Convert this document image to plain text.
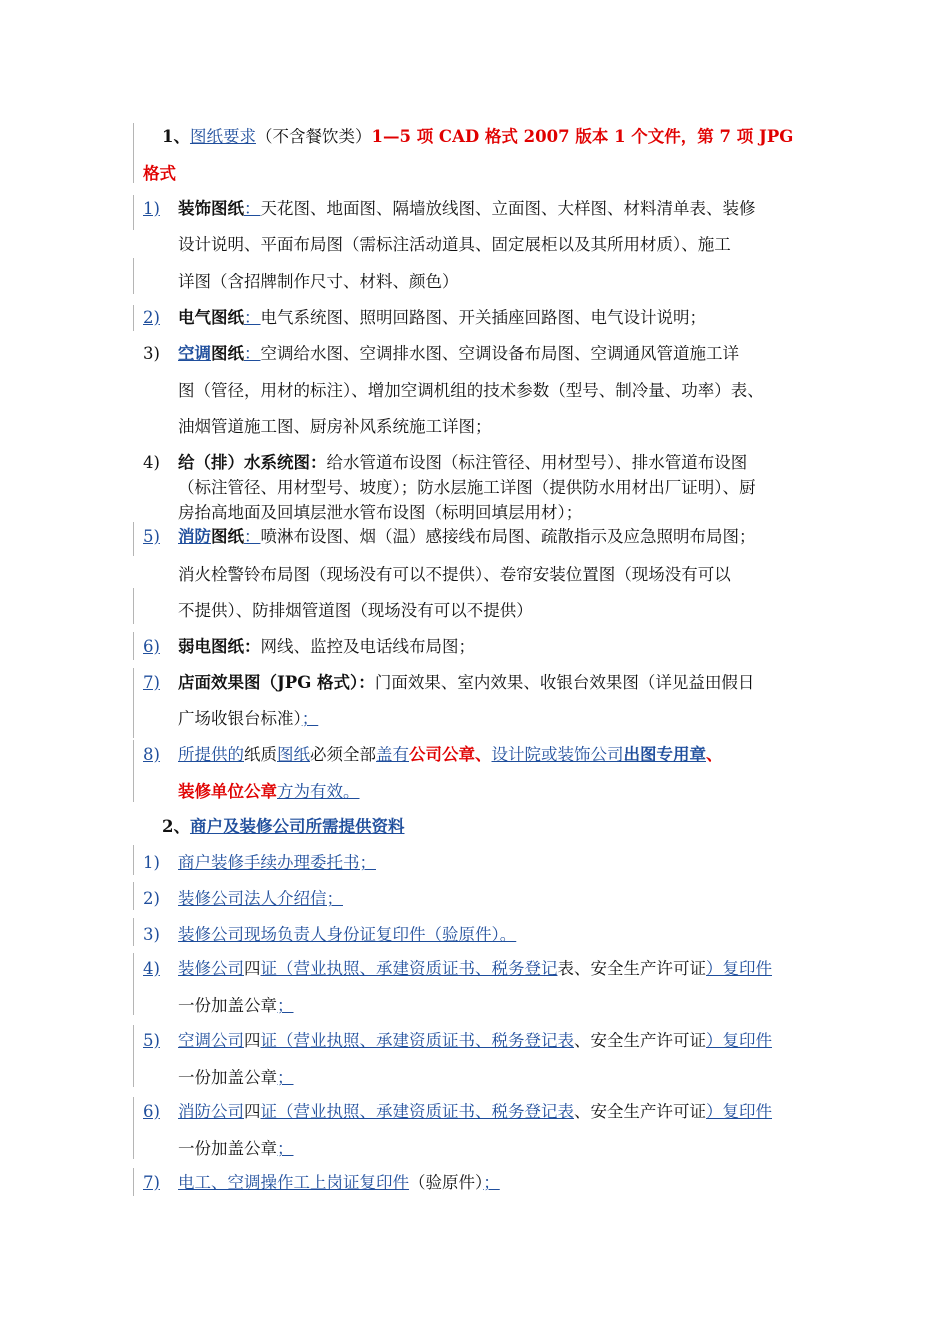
1、图纸要求（不含餐饮类）1—5 项 CAD 格式 2007 版本 1 个文件，第 7 项 JPG
格式
1) 装饰图纸：天花图、地面图、隔墙放线图、立面图、大样图、材料清单表、装修
设计说明、平面布局图（需标注活动道具、固定展柜以及其所用材质）、施工
详图（含招牌制作尺寸、材料、颜色）
2) 电气图纸：电气系统图、照明回路图、开关插座回路图、电气设计说明；
3) 空调图纸：空调给水图、空调排水图、空调设备布局图、空调通风管道施工详
图（管径，用材的标注）、增加空调机组的技术参数（型号、制冷量、功率）表、
油烟管道施工图、厨房补风系统施工详图；
4) 给（排）水系统图：给水管道布设图（标注管径、用材型号）、排水管道布设图
（标注管径、用材型号、坡度）；防水层施工详图（提供防水用材出厂证明）、厨
房抬高地面及回填层泄水管布设图（标明回填层用材）；
5) 消防图纸：喷淋布设图、烟（温）感接线布局图、疏散指示及应急照明布局图；
消火栓警铃布局图（现场没有可以不提供）、卷帘安装位置图（现场没有可以
不提供）、防排烟管道图（现场没有可以不提供）
6) 弱电图纸：网线、监控及电话线布局图；
7) 店面效果图（JPG 格式）：门面效果、室内效果、收银台效果图（详见益田假日
广场收银台标准）；
8) 所提供的纸质图纸必须全部盖有公司公章、设计院或装饰公司出图专用章、
装修单位公章方为有效。
2、商户及装修公司所需提供资料
1) 商户装修手续办理委托书；
2) 装修公司法人介绍信；
3) 装修公司现场负责人身份证复印件（验原件）。
4) 装修公司四证（营业执照、承建资质证书、税务登记表、安全生产许可证）复印件
一份加盖公章；
5) 空调公司四证（营业执照、承建资质证书、税务登记表、安全生产许可证）复印件
一份加盖公章；
6) 消防公司四证（营业执照、承建资质证书、税务登记表、安全生产许可证）复印件
一份加盖公章；
7) 电工、空调操作工上岗证复印件（验原件）；
